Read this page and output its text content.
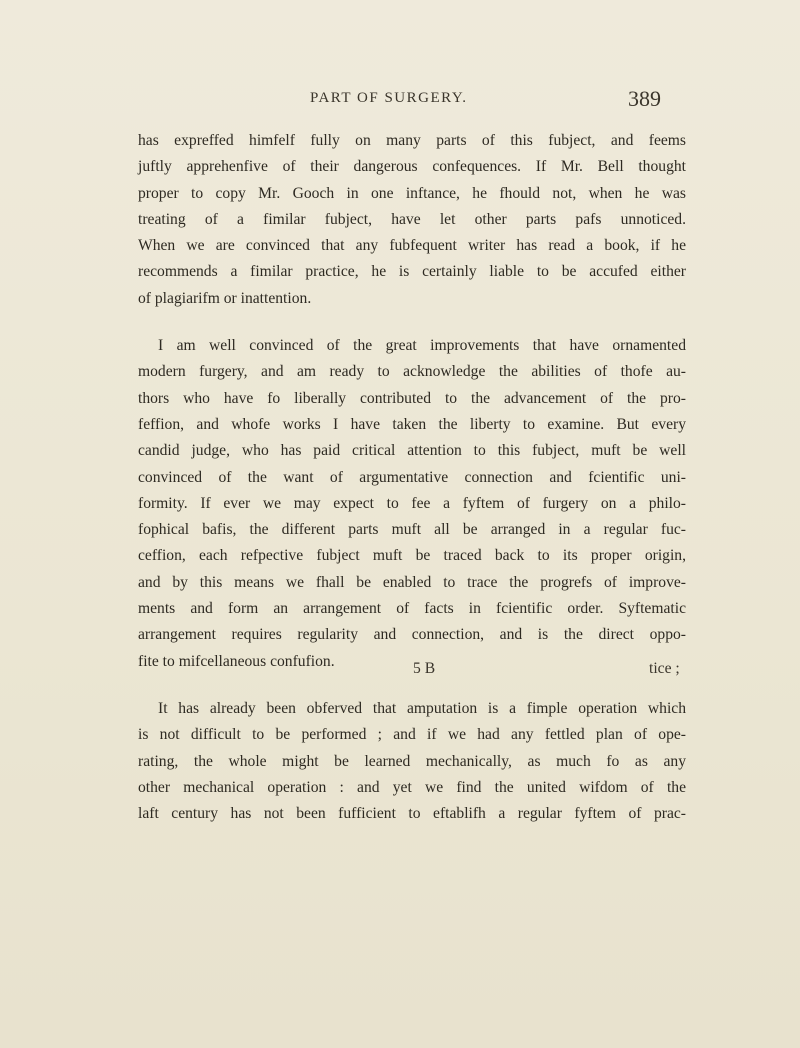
PART OF SURGERY.	389

has expreffed himfelf fully on many parts of this fubject, and feems
juftly apprehenfive of their dangerous confequences. If Mr. Bell thought
proper to copy Mr. Gooch in one inftance, he fhould not, when he was
treating of a fimilar fubject, have let other parts pafs unnoticed.
When we are convinced that any fubfequent writer has read a book, if he
recommends a fimilar practice, he is certainly liable to be accufed either
of plagiarifm or inattention.

I am well convinced of the great improvements that have ornamented
modern furgery, and am ready to acknowledge the abilities of thofe au-
thors who have fo liberally contributed to the advancement of the pro-
feffion, and whofe works I have taken the liberty to examine. But every
candid judge, who has paid critical attention to this fubject, muft be well
convinced of the want of argumentative connection and fcientific uni-
formity. If ever we may expect to fee a fyftem of furgery on a philo-
fophical bafis, the different parts muft all be arranged in a regular fuc-
ceffion, each refpective fubject muft be traced back to its proper origin,
and by this means we fhall be enabled to trace the progrefs of improve-
ments and form an arrangement of facts in fcientific order. Syftematic
arrangement requires regularity and connection, and is the direct oppo-
fite to mifcellaneous confufion.

It has already been obferved that amputation is a fimple operation which
is not difficult to be performed ; and if we had any fettled plan of ope-
rating, the whole might be learned mechanically, as much fo as any
other mechanical operation : and yet we find the united wifdom of the
laft century has not been fufficient to eftablifh a regular fyftem of prac-

5 B	tice ;
